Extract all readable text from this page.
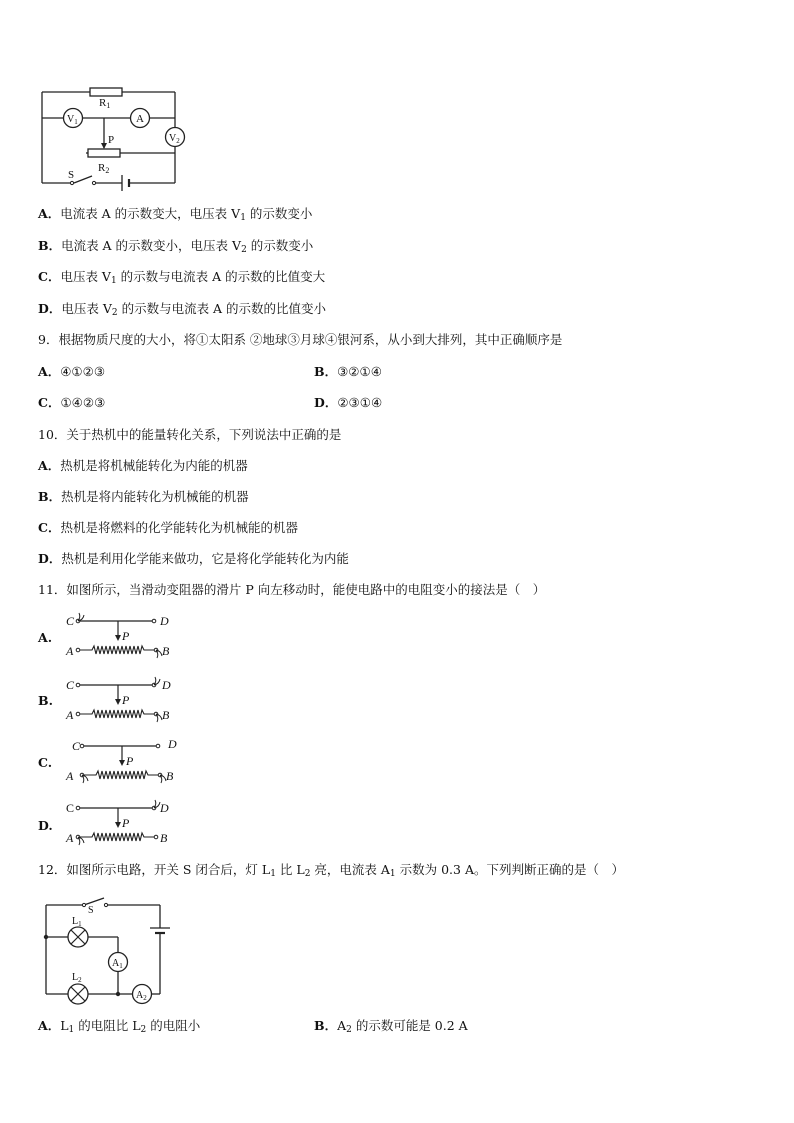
R1
R2
$V_1$
$V_2$
A
P
S
A．电流表 A 的示数变大，电压表 $V_1$ 的示数变小
B．电流表 A 的示数变小，电压表 $V_2$ 的示数变小
C．电压表 $V_1$ 的示数与电流表 A 的示数的比值变大
D．电压表 $V_2$ 的示数与电流表 A 的示数的比值变小
9．根据物质尺度的大小，将①太阳系 ②地球③月球④银河系，从小到大排列，其中正确顺序是
A．④①②③	B．③②①④
C．①④②③	D．②③①④
10．关于热机中的能量转化关系，下列说法中正确的是
A．热机是将机械能转化为内能的机器
B．热机是将内能转化为机械能的机器
C．热机是将燃料的化学能转化为机械能的机器
D．热机是利用化学能来做功，它是将化学能转化为内能
11．如图所示，当滑动变阻器的滑片 P 向左移动时，能使电路中的电阻变小的接法是（　）
A.
B.
C.
D.
C	D
A	B
P
C	D
A	B
P
C	D
A	B
P
C	D
A	B
P
12．如图所示电路，开关 S 闭合后，灯 $L_1$ 比 $L_2$ 亮，电流表 $A_1$ 示数为 0.3 A。下列判断正确的是（　）
S
$L_1$
$L_2$
$A_1$
$A_2$
A．$L_1$ 的电阻比 $L_2$ 的电阻小	B．$A_2$ 的示数可能是 0.2 A
